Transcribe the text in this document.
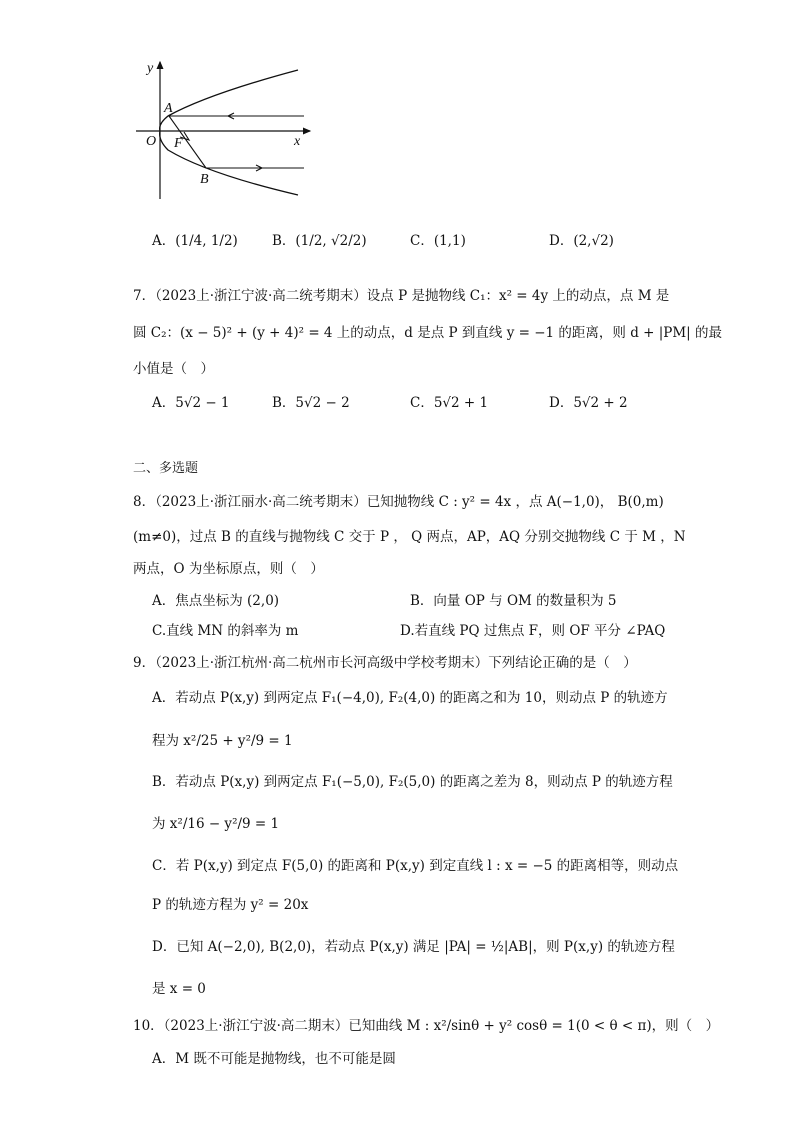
y
x
O
A
F
B
A．(1/4, 1/2)	B．(1/2, √2/2)	C．(1,1)	D．(2,√2)
7．（2023上·浙江宁波·高二统考期末）设点 P 是抛物线 C₁：x² = 4y 上的动点，点 M 是
圆 C₂：(x − 5)² + (y + 4)² = 4 上的动点，d 是点 P 到直线 y = −1 的距离，则 d + |PM| 的最
小值是（　）
A．5√2 − 1	B．5√2 − 2	C．5√2 + 1	D．5√2 + 2
二、多选题
8．（2023上·浙江丽水·高二统考期末）已知抛物线 C : y² = 4x ，点 A(−1,0)， B(0,m)
(m≠0)，过点 B 的直线与抛物线 C 交于 P ， Q 两点，AP，AQ 分别交抛物线 C 于 M ，N
两点，O 为坐标原点，则（　）
A．焦点坐标为 (2,0)	B．向量 OP 与 OM 的数量积为 5
C.直线 MN 的斜率为 m	D.若直线 PQ 过焦点 F，则 OF 平分 ∠PAQ
9．（2023上·浙江杭州·高二杭州市长河高级中学校考期末）下列结论正确的是（　）
A．若动点 P(x,y) 到两定点 F₁(−4,0), F₂(4,0) 的距离之和为 10，则动点 P 的轨迹方
程为 x²/25 + y²/9 = 1
B．若动点 P(x,y) 到两定点 F₁(−5,0), F₂(5,0) 的距离之差为 8，则动点 P 的轨迹方程
为 x²/16 − y²/9 = 1
C．若 P(x,y) 到定点 F(5,0) 的距离和 P(x,y) 到定直线 l : x = −5 的距离相等，则动点
P 的轨迹方程为 y² = 20x
D．已知 A(−2,0), B(2,0)，若动点 P(x,y) 满足 |PA| = ½|AB|，则 P(x,y) 的轨迹方程
是 x = 0
10．（2023上·浙江宁波·高二期末）已知曲线 M : x²/sinθ + y² cosθ = 1(0 < θ < π)，则（　）
A．M 既不可能是抛物线，也不可能是圆
